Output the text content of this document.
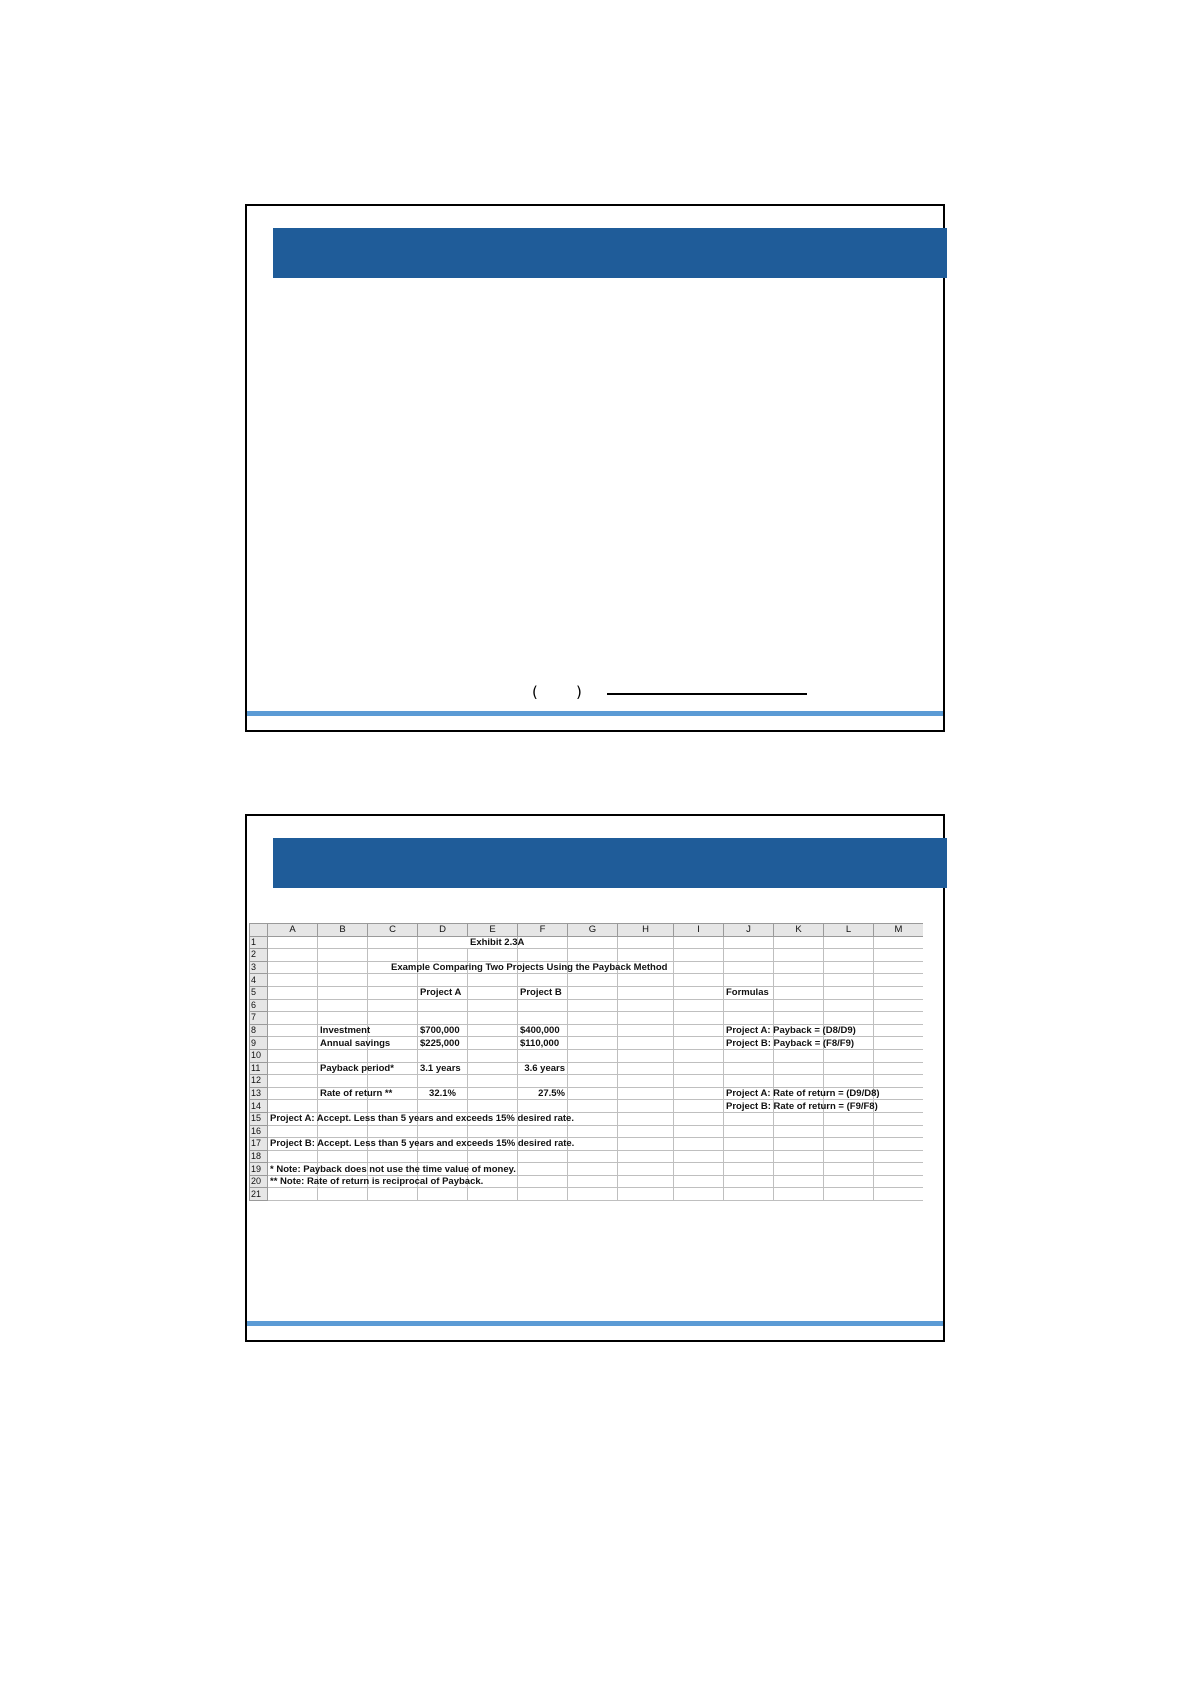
(	)
	A	B	C	D	E	F	G	H	I	J	K	L	M
1					Exhibit 2.3A								
2													
3			Example Comparing Two Projects Using the Payback Method										
4													
5				Project A		Project B				Formulas			
6													
7													
8		Investment		$700,000		$400,000				Project A: Payback = (D8/D9)			
9		Annual savings		$225,000		$110,000				Project B: Payback = (F8/F9)			
10													
11		Payback period*		3.1 years		3.6 years							
12													
13		Rate of return **		32.1%		27.5%				Project A: Rate of return = (D9/D8)			
14										Project B: Rate of return = (F9/F8)			
15	Project A: Accept. Less than 5 years and exceeds 15% desired rate.												
16													
17	Project B: Accept. Less than 5 years and exceeds 15% desired rate.												
18													
19	* Note: Payback does not use the time value of money.												
20	** Note: Rate of return is reciprocal of Payback.												
21													
